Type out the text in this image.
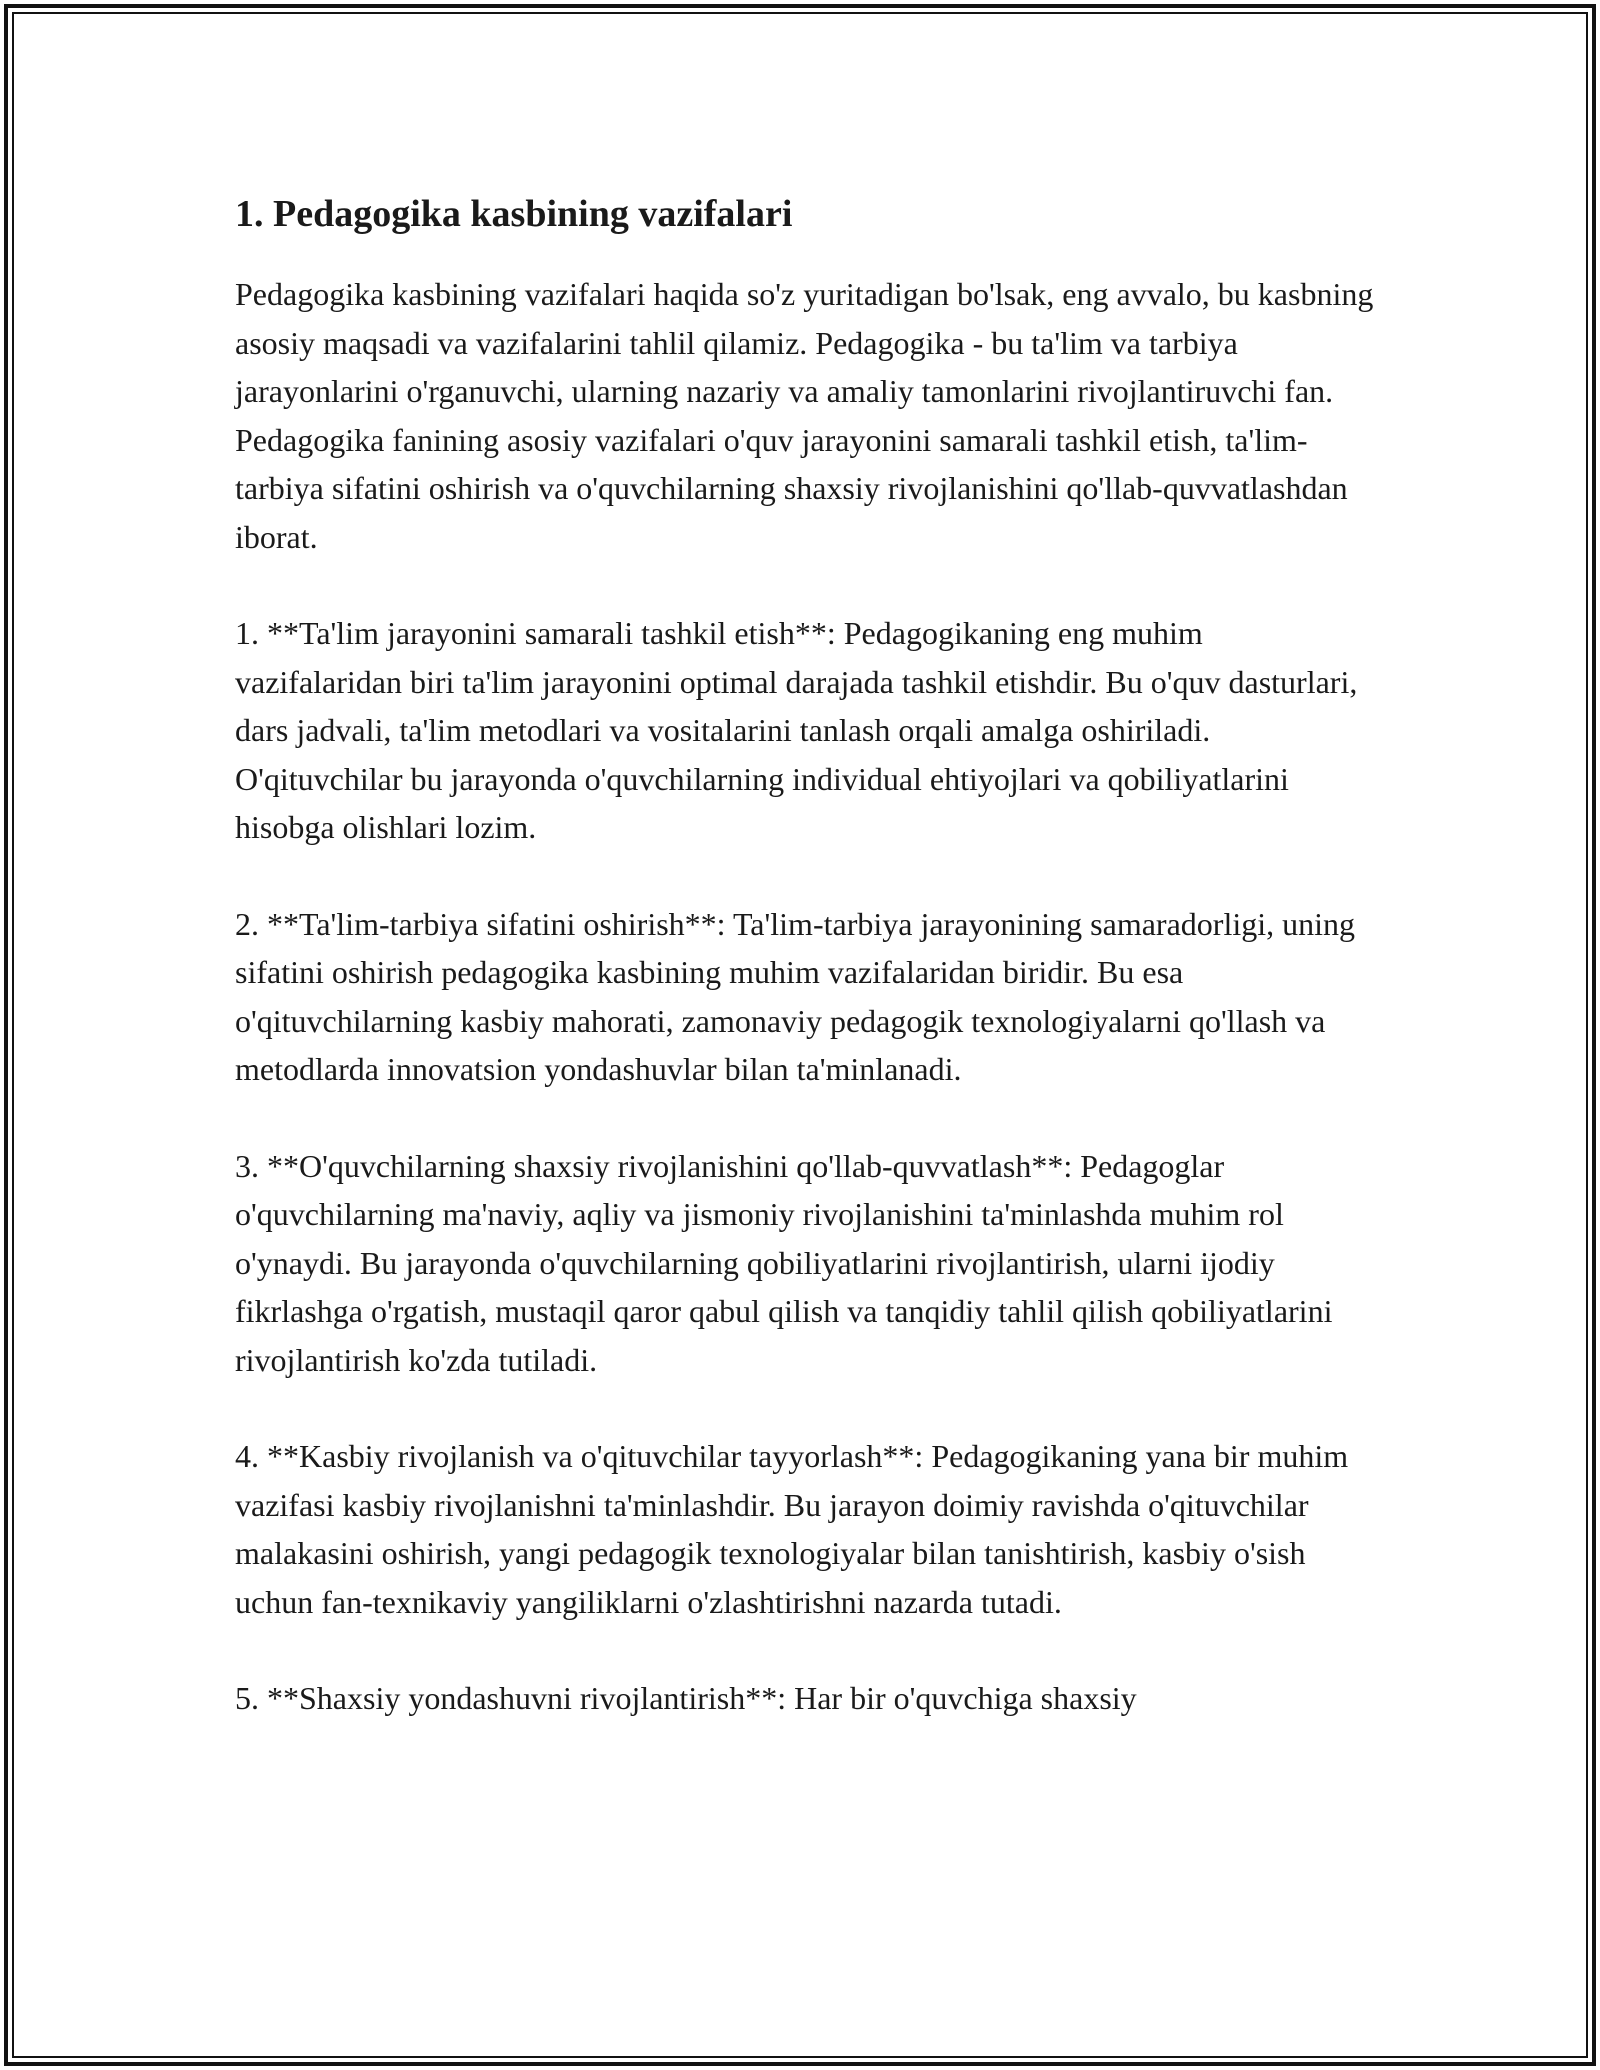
1. Pedagogika kasbining vazifalari

Pedagogika kasbining vazifalari haqida so'z yuritadigan bo'lsak, eng avvalo, bu kasbning asosiy maqsadi va vazifalarini tahlil qilamiz. Pedagogika - bu ta'lim va tarbiya jarayonlarini o'rganuvchi, ularning nazariy va amaliy tamonlarini rivojlantiruvchi fan. Pedagogika fanining asosiy vazifalari o'quv jarayonini samarali tashkil etish, ta'lim-tarbiya sifatini oshirish va o'quvchilarning shaxsiy rivojlanishini qo'llab-quvvatlashdan iborat.

1. **Ta'lim jarayonini samarali tashkil etish**: Pedagogikaning eng muhim vazifalaridan biri ta'lim jarayonini optimal darajada tashkil etishdir. Bu o'quv dasturlari, dars jadvali, ta'lim metodlari va vositalarini tanlash orqali amalga oshiriladi. O'qituvchilar bu jarayonda o'quvchilarning individual ehtiyojlari va qobiliyatlarini hisobga olishlari lozim.

2. **Ta'lim-tarbiya sifatini oshirish**: Ta'lim-tarbiya jarayonining samaradorligi, uning sifatini oshirish pedagogika kasbining muhim vazifalaridan biridir. Bu esa o'qituvchilarning kasbiy mahorati, zamonaviy pedagogik texnologiyalarni qo'llash va metodlarda innovatsion yondashuvlar bilan ta'minlanadi.

3. **O'quvchilarning shaxsiy rivojlanishini qo'llab-quvvatlash**: Pedagoglar o'quvchilarning ma'naviy, aqliy va jismoniy rivojlanishini ta'minlashda muhim rol o'ynaydi. Bu jarayonda o'quvchilarning qobiliyatlarini rivojlantirish, ularni ijodiy fikrlashga o'rgatish, mustaqil qaror qabul qilish va tanqidiy tahlil qilish qobiliyatlarini rivojlantirish ko'zda tutiladi.

4. **Kasbiy rivojlanish va o'qituvchilar tayyorlash**: Pedagogikaning yana bir muhim vazifasi kasbiy rivojlanishni ta'minlashdir. Bu jarayon doimiy ravishda o'qituvchilar malakasini oshirish, yangi pedagogik texnologiyalar bilan tanishtirish, kasbiy o'sish uchun fan-texnikaviy yangiliklarni o'zlashtirishni nazarda tutadi.

5. **Shaxsiy yondashuvni rivojlantirish**: Har bir o'quvchiga shaxsiy
